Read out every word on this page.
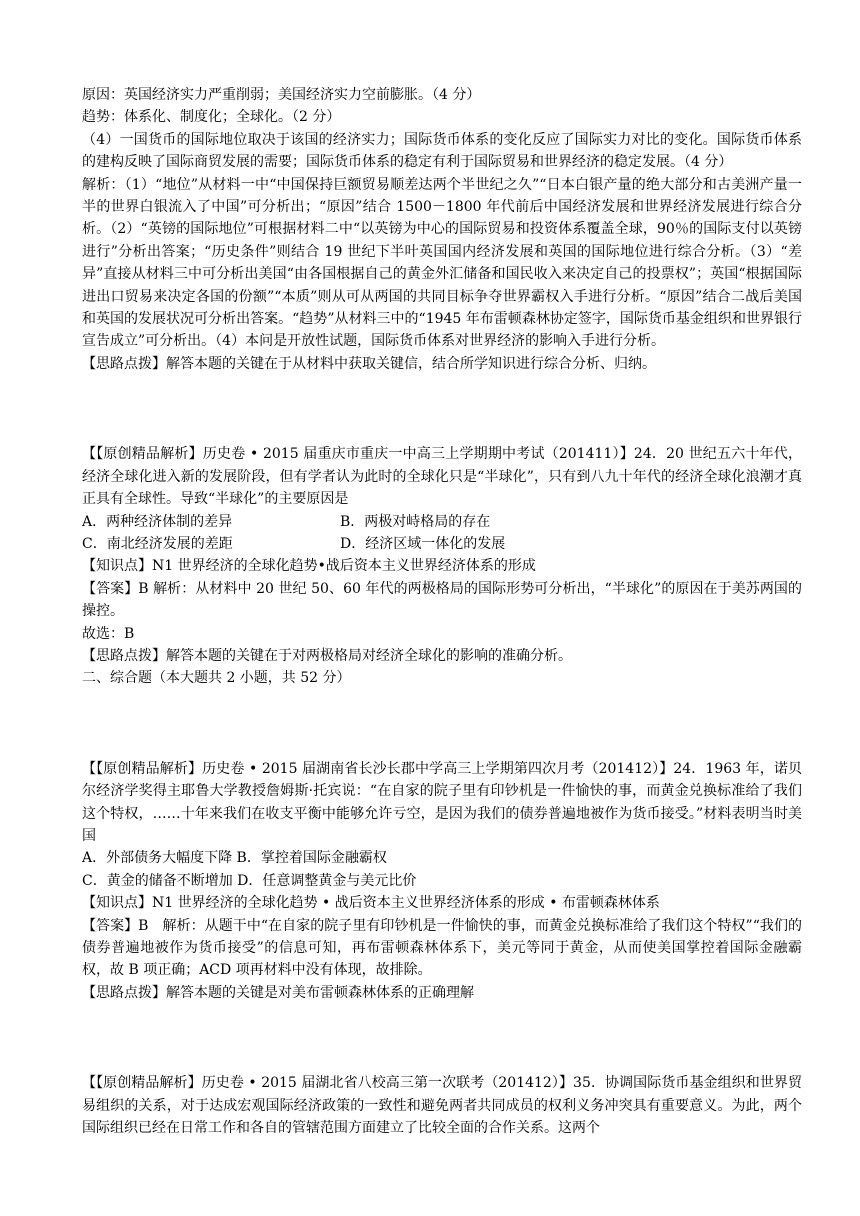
原因：英国经济实力严重削弱；美国经济实力空前膨胀。（4 分）

趋势：体系化、制度化；全球化。（2 分）

（4）一国货币的国际地位取决于该国的经济实力；国际货币体系的变化反应了国际实力对比的变化。国际货币体系的建构反映了国际商贸发展的需要；国际货币体系的稳定有利于国际贸易和世界经济的稳定发展。（4 分）

解析：（1）“地位”从材料一中“中国保持巨额贸易顺差达两个半世纪之久”“日本白银产量的绝大部分和古美洲产量一半的世界白银流入了中国”可分析出；“原因”结合 1500－1800 年代前后中国经济发展和世界经济发展进行综合分析。（2）“英镑的国际地位”可根据材料二中“以英镑为中心的国际贸易和投资体系覆盖全球，90％的国际支付以英镑进行”分析出答案；“历史条件”则结合 19 世纪下半叶英国国内经济发展和英国的国际地位进行综合分析。（3）“差异”直接从材料三中可分析出美国“由各国根据自己的黄金外汇储备和国民收入来决定自己的投票权”；英国“根据国际进出口贸易来决定各国的份额”“本质”则从可从两国的共同目标争夺世界霸权入手进行分析。“原因”结合二战后美国和英国的发展状况可分析出答案。“趋势”从材料三中的“1945 年布雷顿森林协定签字，国际货币基金组织和世界银行宣告成立”可分析出。（4）本问是开放性试题，国际货币体系对世界经济的影响入手进行分析。

【思路点拨】解答本题的关键在于从材料中获取关键信，结合所学知识进行综合分析、归纳。

【【原创精品解析】历史卷 • 2015 届重庆市重庆一中高三上学期期中考试（201411）】24．20 世纪五六十年代，经济全球化进入新的发展阶段，但有学者认为此时的全球化只是“半球化”，只有到八九十年代的经济全球化浪潮才真正具有全球性。导致“半球化”的主要原因是

A．两种经济体制的差异	B．两极对峙格局的存在
C．南北经济发展的差距	D．经济区域一体化的发展

【知识点】N1 世界经济的全球化趋势•战后资本主义世界经济体系的形成

【答案】B 解析：从材料中 20 世纪 50、60 年代的两极格局的国际形势可分析出，“半球化”的原因在于美苏两国的操控。

故选：B

【思路点拨】解答本题的关键在于对两极格局对经济全球化的影响的准确分析。

二、综合题（本大题共 2 小题，共 52 分）

【【原创精品解析】历史卷 • 2015 届湖南省长沙长郡中学高三上学期第四次月考（201412）】24．1963 年，诺贝尔经济学奖得主耶鲁大学教授詹姆斯·托宾说：“在自家的院子里有印钞机是一件愉快的事，而黄金兑换标准给了我们这个特权，……十年来我们在收支平衡中能够允许亏空，是因为我们的债券普遍地被作为货币接受。”材料表明当时美国

A．外部债务大幅度下降 B．掌控着国际金融霸权

C．黄金的储备不断增加 D．任意调整黄金与美元比价

【知识点】N1 世界经济的全球化趋势 • 战后资本主义世界经济体系的形成 • 布雷顿森林体系

【答案】B　解析：从题干中“在自家的院子里有印钞机是一件愉快的事，而黄金兑换标准给了我们这个特权”“我们的债券普遍地被作为货币接受”的信息可知，再布雷顿森林体系下，美元等同于黄金，从而使美国掌控着国际金融霸权，故 B 项正确；ACD 项再材料中没有体现，故排除。

【思路点拨】解答本题的关键是对美布雷顿森林体系的正确理解

【【原创精品解析】历史卷 • 2015 届湖北省八校高三第一次联考（201412）】35．协调国际货币基金组织和世界贸易组织的关系，对于达成宏观国际经济政策的一致性和避免两者共同成员的权利义务冲突具有重要意义。为此，两个国际组织已经在日常工作和各自的管辖范围方面建立了比较全面的合作关系。这两个
